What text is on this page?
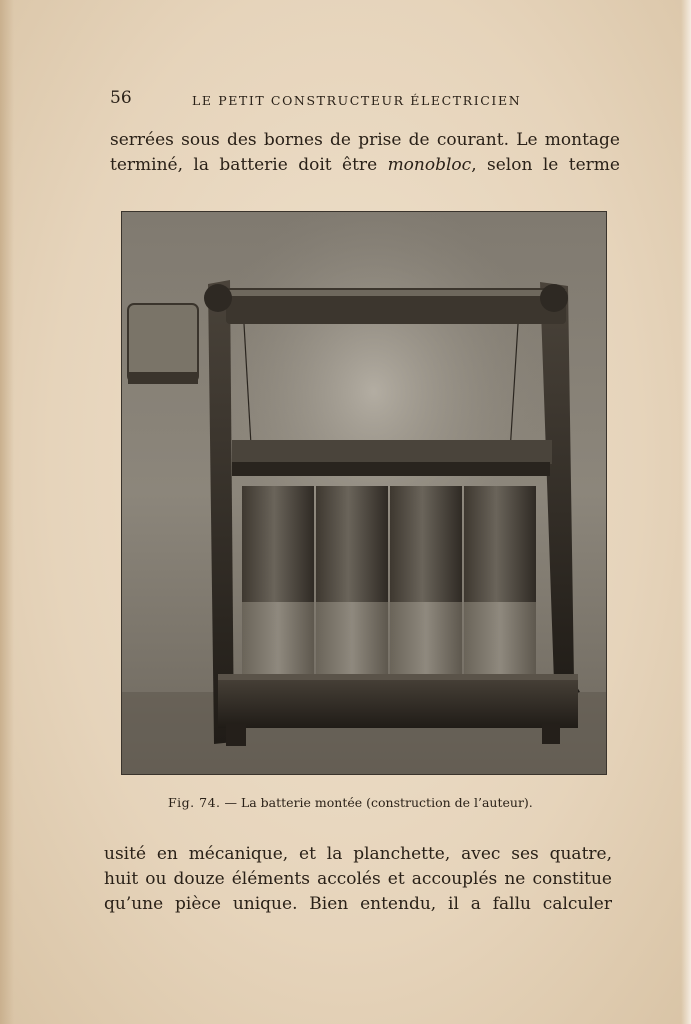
56	LE PETIT CONSTRUCTEUR ÉLECTRICIEN
serrées sous des bornes de prise de courant. Le montage
terminé, la batterie doit être monobloc, selon le terme
Fig. 74. — La batterie montée (construction de l’auteur).
usité en mécanique, et la planchette, avec ses quatre,
huit ou douze éléments accolés et accouplés ne constitue
qu’une pièce unique. Bien entendu, il a fallu calculer
